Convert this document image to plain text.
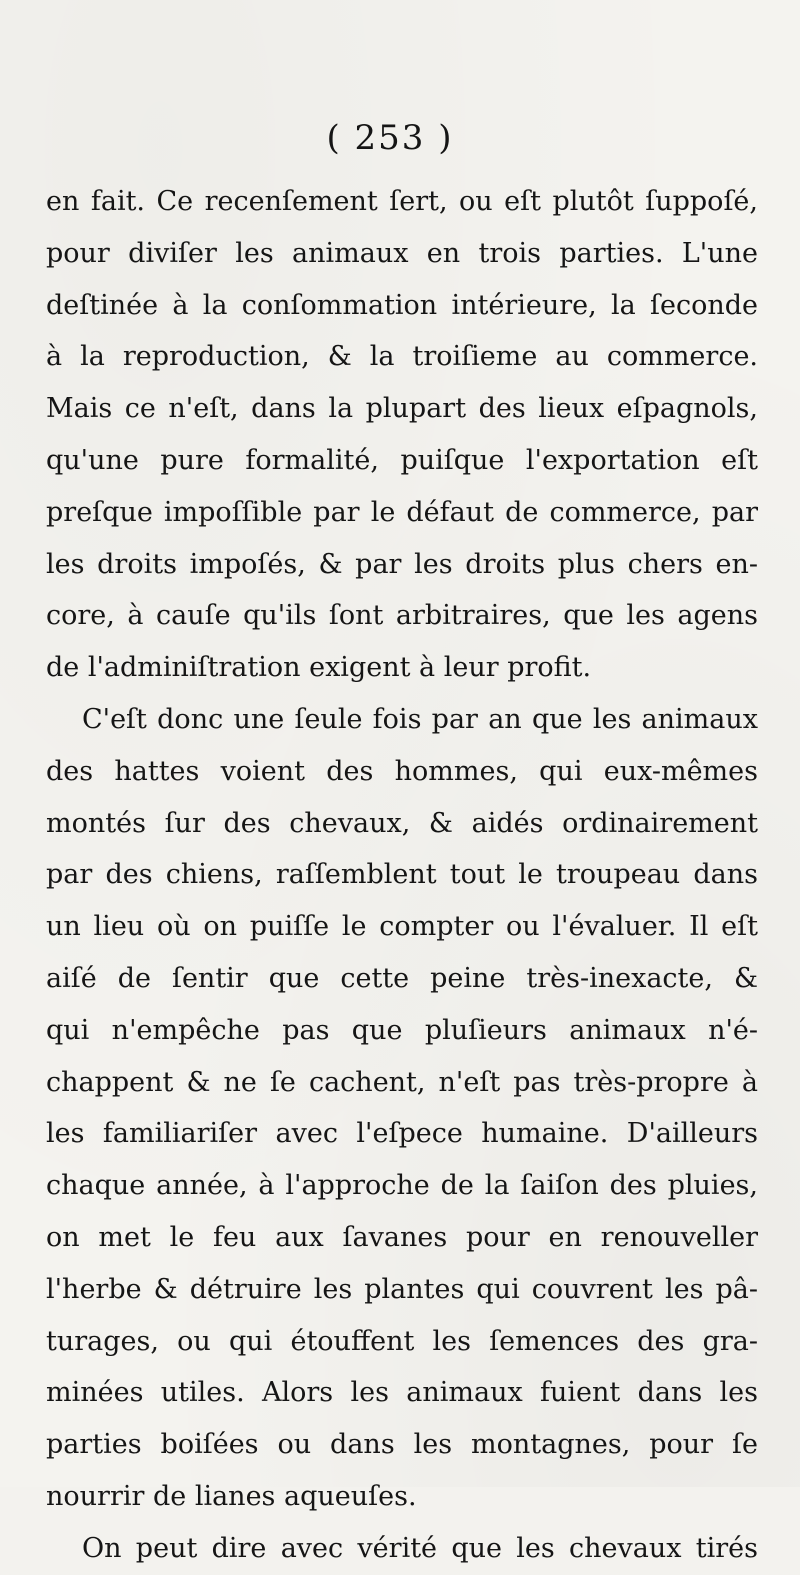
( 253 )
en fait. Ce recenſement ſert, ou eſt plutôt ſuppoſé,
pour diviſer les animaux en trois parties. L'une
deſtinée à la conſommation intérieure, la ſeconde
à la reproduction, & la troiſieme au commerce.
Mais ce n'eſt, dans la plupart des lieux eſpagnols,
qu'une pure formalité, puiſque l'exportation eſt
preſque impoſſible par le défaut de commerce, par
les droits impoſés, & par les droits plus chers en-
core, à cauſe qu'ils ſont arbitraires, que les agens
de l'adminiſtration exigent à leur profit.
C'eſt donc une ſeule fois par an que les animaux
des hattes voient des hommes, qui eux-mêmes
montés ſur des chevaux, & aidés ordinairement
par des chiens, raſſemblent tout le troupeau dans
un lieu où on puiſſe le compter ou l'évaluer. Il eſt
aiſé de ſentir que cette peine très-inexacte, &
qui n'empêche pas que pluſieurs animaux n'é-
chappent & ne ſe cachent, n'eſt pas très-propre à
les familiariſer avec l'eſpece humaine. D'ailleurs
chaque année, à l'approche de la ſaiſon des pluies,
on met le feu aux ſavanes pour en renouveller
l'herbe & détruire les plantes qui couvrent les pâ-
turages, ou qui étouffent les ſemences des gra-
minées utiles. Alors les animaux fuient dans les
parties boiſées ou dans les montagnes, pour ſe
nourrir de lianes aqueuſes.
On peut dire avec vérité que les chevaux tirés
